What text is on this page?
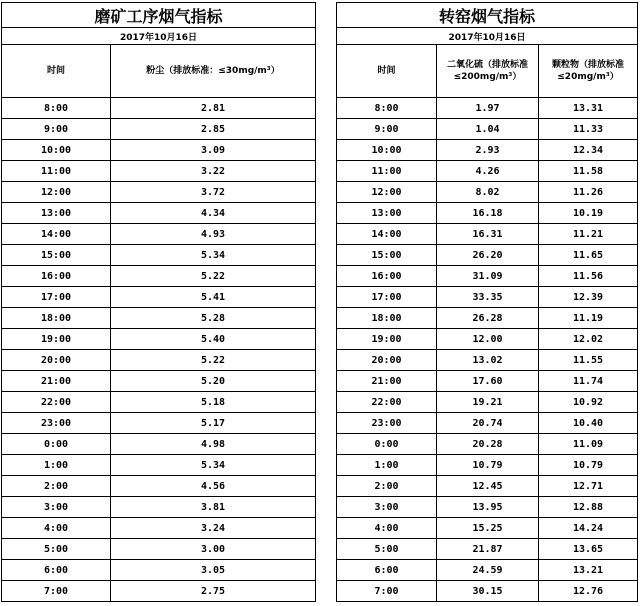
磨矿工序烟气指标	
2017年10月16日	
时间	粉尘（排放标准：≤30mg/m³）
8:00	2.81
9:00	2.85
10:00	3.09
11:00	3.22
12:00	3.72
13:00	4.34
14:00	4.93
15:00	5.34
16:00	5.22
17:00	5.41
18:00	5.28
19:00	5.40
20:00	5.22
21:00	5.20
22:00	5.18
23:00	5.17
0:00	4.98
1:00	5.34
2:00	4.56
3:00	3.81
4:00	3.24
5:00	3.00
6:00	3.05
7:00	2.75
转窑烟气指标		
2017年10月16日		
时间	二氧化硫（排放标准≤200mg/m³）	颗粒物（排放标准≤20mg/m³）
8:00	1.97	13.31
9:00	1.04	11.33
10:00	2.93	12.34
11:00	4.26	11.58
12:00	8.02	11.26
13:00	16.18	10.19
14:00	16.31	11.21
15:00	26.20	11.65
16:00	31.09	11.56
17:00	33.35	12.39
18:00	26.28	11.19
19:00	12.00	12.02
20:00	13.02	11.55
21:00	17.60	11.74
22:00	19.21	10.92
23:00	20.74	10.40
0:00	20.28	11.09
1:00	10.79	10.79
2:00	12.45	12.71
3:00	13.95	12.88
4:00	15.25	14.24
5:00	21.87	13.65
6:00	24.59	13.21
7:00	30.15	12.76
